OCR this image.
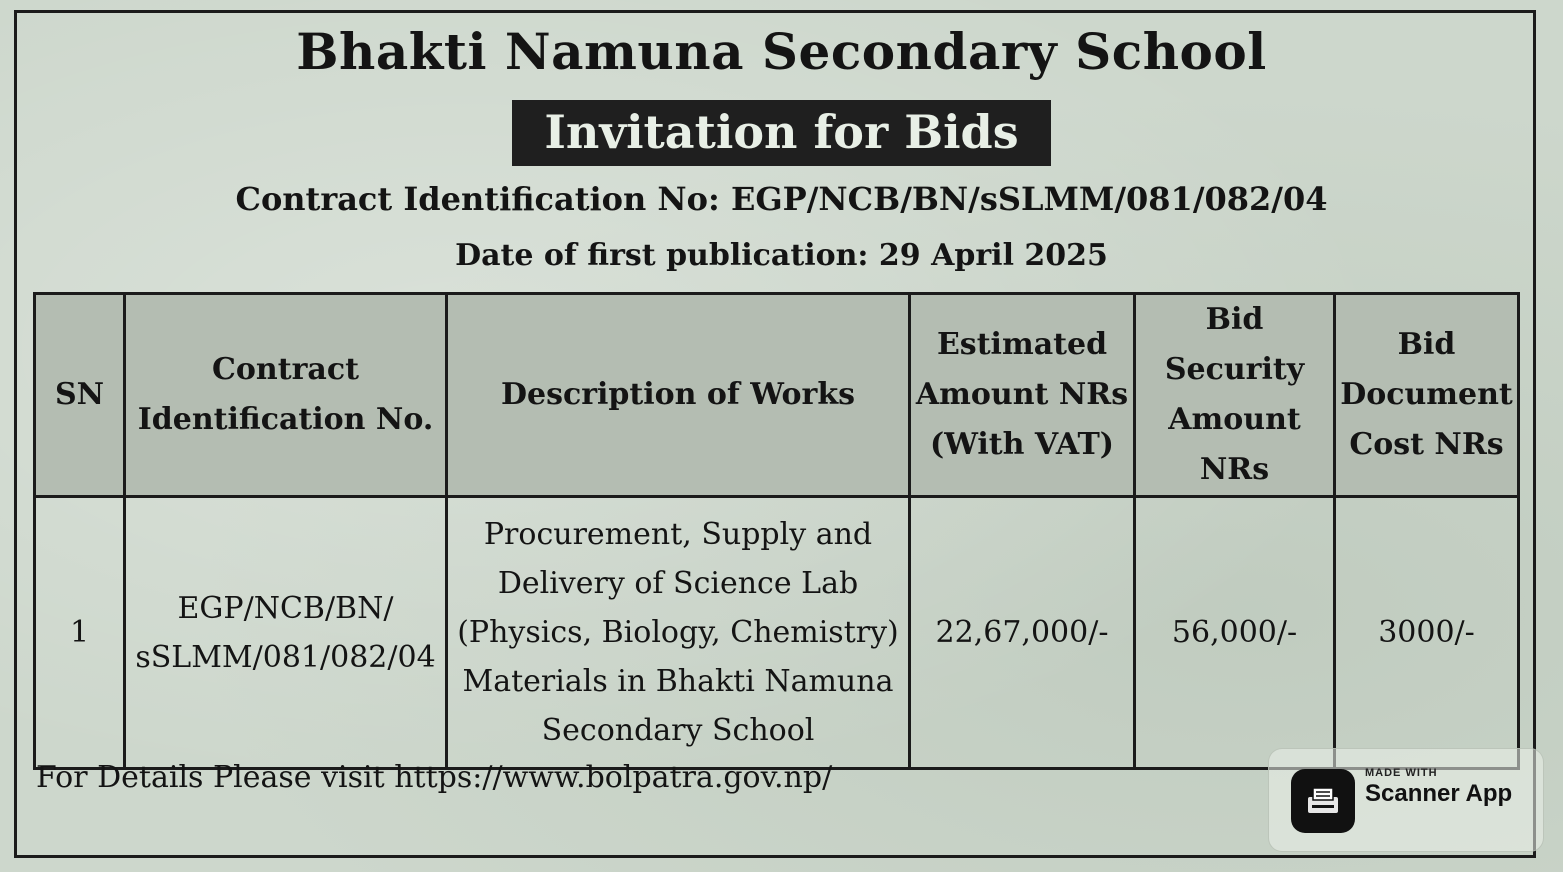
Bhakti Namuna Secondary School
Invitation for Bids
Contract Identification No: EGP/NCB/BN/sSLMM/081/082/04
Date of first publication: 29 April 2025
SN	Contract Identification No.	Description of Works	Estimated Amount NRs (With VAT)	Bid Security Amount NRs	Bid Document Cost NRs
1	EGP/NCB/BN/ sSLMM/081/082/04	Procurement, Supply and Delivery of Science Lab (Physics, Biology, Chemistry) Materials in Bhakti Namuna Secondary School	22,67,000/-	56,000/-	3000/-
For Details Please visit https://www.bolpatra.gov.np/	MADE WITH
Scanner App
